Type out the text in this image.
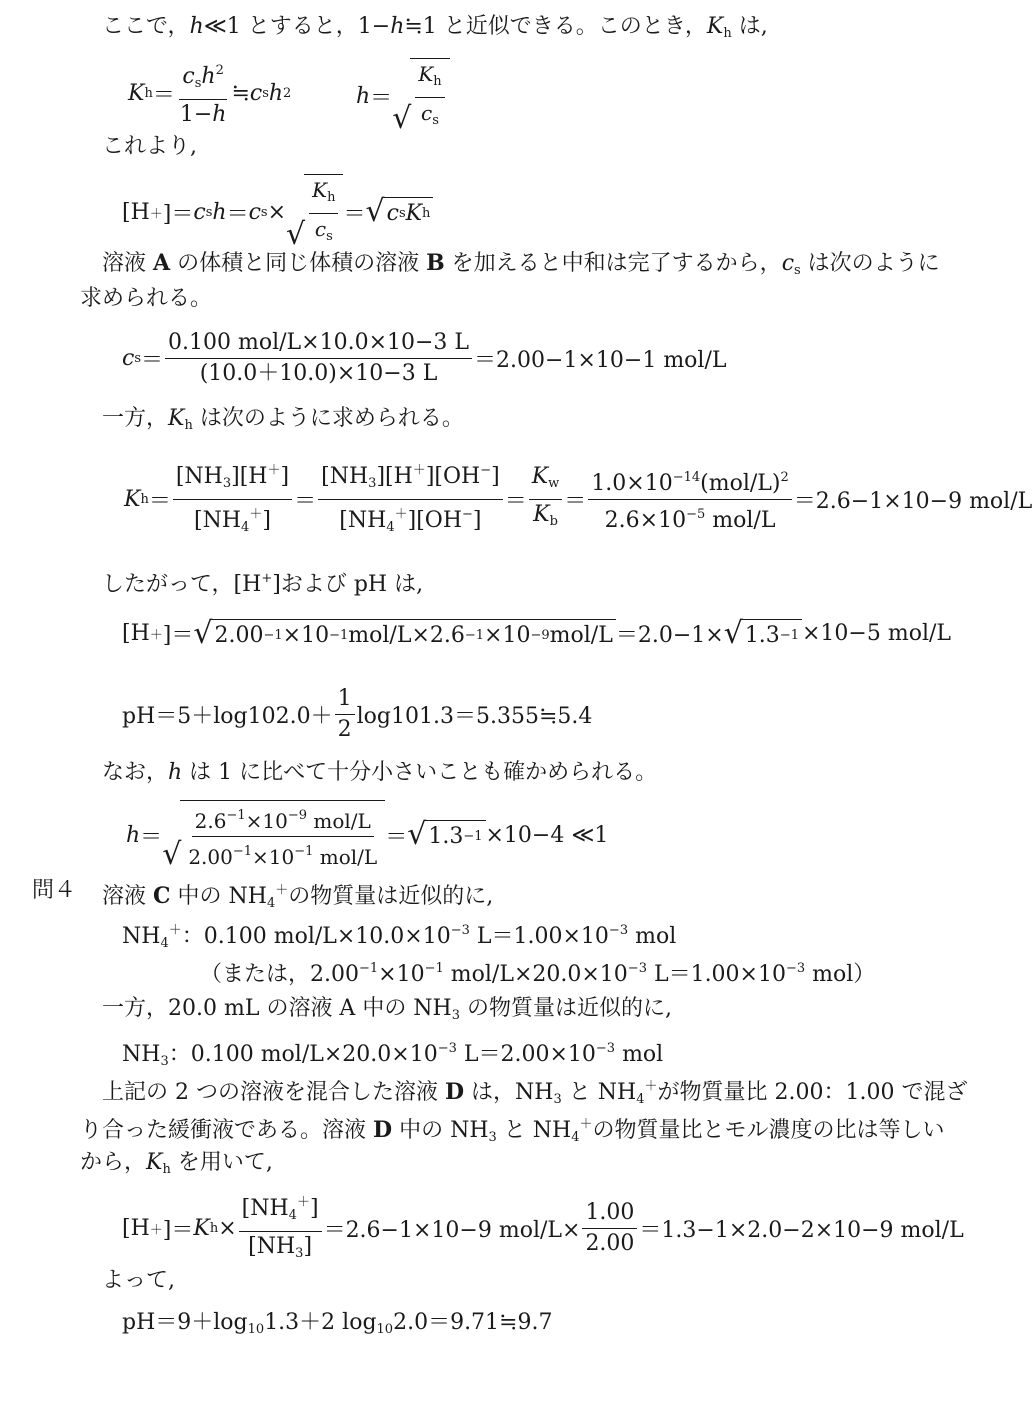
ここで，h≪1 とすると，1−h≒1 と近似できる。このとき，$K_h$ は,
K h ＝
$c_sh^2$
1−h
≒ c s h 2	h ＝
√
$K_h$
$c_s$
これより,
[H ＋ ]＝ c s h ＝ c s ×
√
$K_h$
$c_s$
＝ √ c s K h
溶液 A の体積と同じ体積の溶液 B を加えると中和は完了するから，$c_s$ は次のように
求められる。
c s ＝
0.100 mol/L×10.0×10−3 L
(10.0＋10.0)×10−3 L
＝2.00−1×10−1 mol/L
一方，$K_h$ は次のように求められる。
K h ＝
$[NH_3][H^+]$
$[NH_4^+]$
＝
$[NH_3][H^+][OH^-]$
$[NH_4^+][OH^-]$
＝
$K_w$
$K_b$
＝
$1.0\times 10^{-14}(mol/L)^2$
$2.6\times 10^{-5}$ mol/L
＝2.6−1×10−9 mol/L
したがって，[H+]および pH は,
[H ＋ ]＝ √ 2.00 −1 ×10 −1 mol/L×2.6 −1 ×10 −9 mol/L ＝2.0−1× √ 1.3 −1 ×10−5 mol/L
pH＝5＋log102.0＋
1
2
log101.3＝5.355≒5.4
なお，h は 1 に比べて十分小さいことも確かめられる。
h ＝ √
$2.6^{-1}\times 10^{-9}$ mol/L
$2.00^{-1}\times 10^{-1}$ mol/L
＝ √ 1.3 −1 ×10−4 ≪1
問４ 溶液 C 中の $NH_4^+$の物質量は近似的に,
$NH_4^+$：0.100 mol/$L\times 10.0\times 10^{-3}$ $L=1.00\times 10^{-3}$ mol
（または，$2.00^{-1}\times 10^{-1}$ mol/$L\times 20.0\times 10^{-3}$ $L=1.00\times 10^{-3}$ mol）
一方，20.0 mL の溶液 A 中の $NH_3$ の物質量は近似的に,
$NH_3$：0.100 mol/$L\times 20.0\times 10^{-3}$ $L=2.00\times 10^{-3}$ mol
上記の 2 つの溶液を混合した溶液 D は，$NH_3$ と $NH_4^+$が物質量比 2.00：1.00 で混ざ
り合った緩衝液である。溶液 D 中の $NH_3$ と $NH_4^+$の物質量比とモル濃度の比は等しい
から，$K_h$ を用いて,
[H ＋ ]＝ K h ×
$[NH_4^+]$
$[NH_3]$
＝2.6−1×10−9 $mol/L\times \frac{1.00}{2.00} =1.3-1\times 2.0-2\times 10-9$ mol/L
よって,
$pH=9+\log_{10}1.3+2$ $\log_{10}2.0=9.71≒9.7$
